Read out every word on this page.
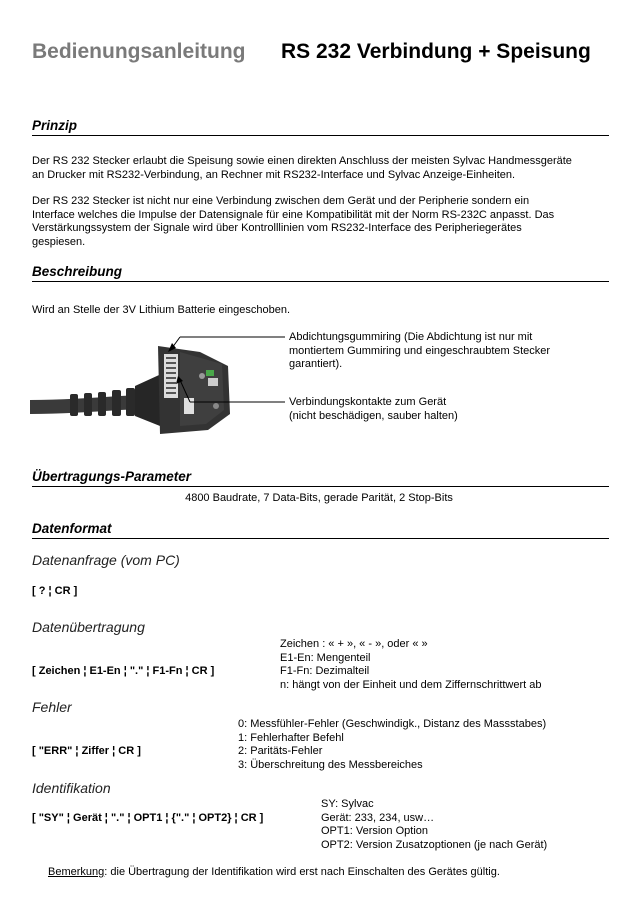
Bedienungsanleitung RS 232 Verbindung + Speisung
Prinzip
Der RS 232 Stecker erlaubt die Speisung sowie einen direkten Anschluss der meisten Sylvac Handmessgeräte
an Drucker mit RS232-Verbindung, an Rechner mit RS232-Interface und Sylvac Anzeige-Einheiten.
Der RS 232 Stecker ist nicht nur eine Verbindung zwischen dem Gerät und der Peripherie sondern ein
Interface welches die Impulse der Datensignale für eine Kompatibilität mit der Norm RS-232C anpasst. Das
Verstärkungssystem der Signale wird über Kontrolllinien vom RS232-Interface des Peripheriegerätes
gespiesen.
Beschreibung
Wird an Stelle der 3V Lithium Batterie eingeschoben.
Abdichtungsgummiring (Die Abdichtung ist nur mit
montiertem Gummiring und eingeschraubtem Stecker
garantiert).
Verbindungskontakte zum Gerät
(nicht beschädigen, sauber halten)
Übertragungs-Parameter
4800 Baudrate, 7 Data-Bits, gerade Parität, 2 Stop-Bits
Datenformat
Datenanfrage (vom PC)
[ ? ¦ CR ]
Datenübertragung
Zeichen : « + », « - », oder « »
E1-En: Mengenteil
F1-Fn: Dezimalteil
n: hängt von der Einheit und dem Ziffernschrittwert ab
[ Zeichen ¦ E1-En ¦ "." ¦ F1-Fn ¦ CR ]
Fehler
0: Messfühler-Fehler (Geschwindigk., Distanz des Massstabes)
1: Fehlerhafter Befehl
2: Paritäts-Fehler
3: Überschreitung des Messbereiches
[ "ERR" ¦ Ziffer ¦ CR ]
Identifikation
SY: Sylvac
Gerät: 233, 234, usw…
OPT1: Version Option
OPT2: Version Zusatzoptionen (je nach Gerät)
[ "SY" ¦ Gerät ¦ "." ¦ OPT1 ¦ {"." ¦ OPT2} ¦ CR ]
Bemerkung: die Übertragung der Identifikation wird erst nach Einschalten des Gerätes gültig.
